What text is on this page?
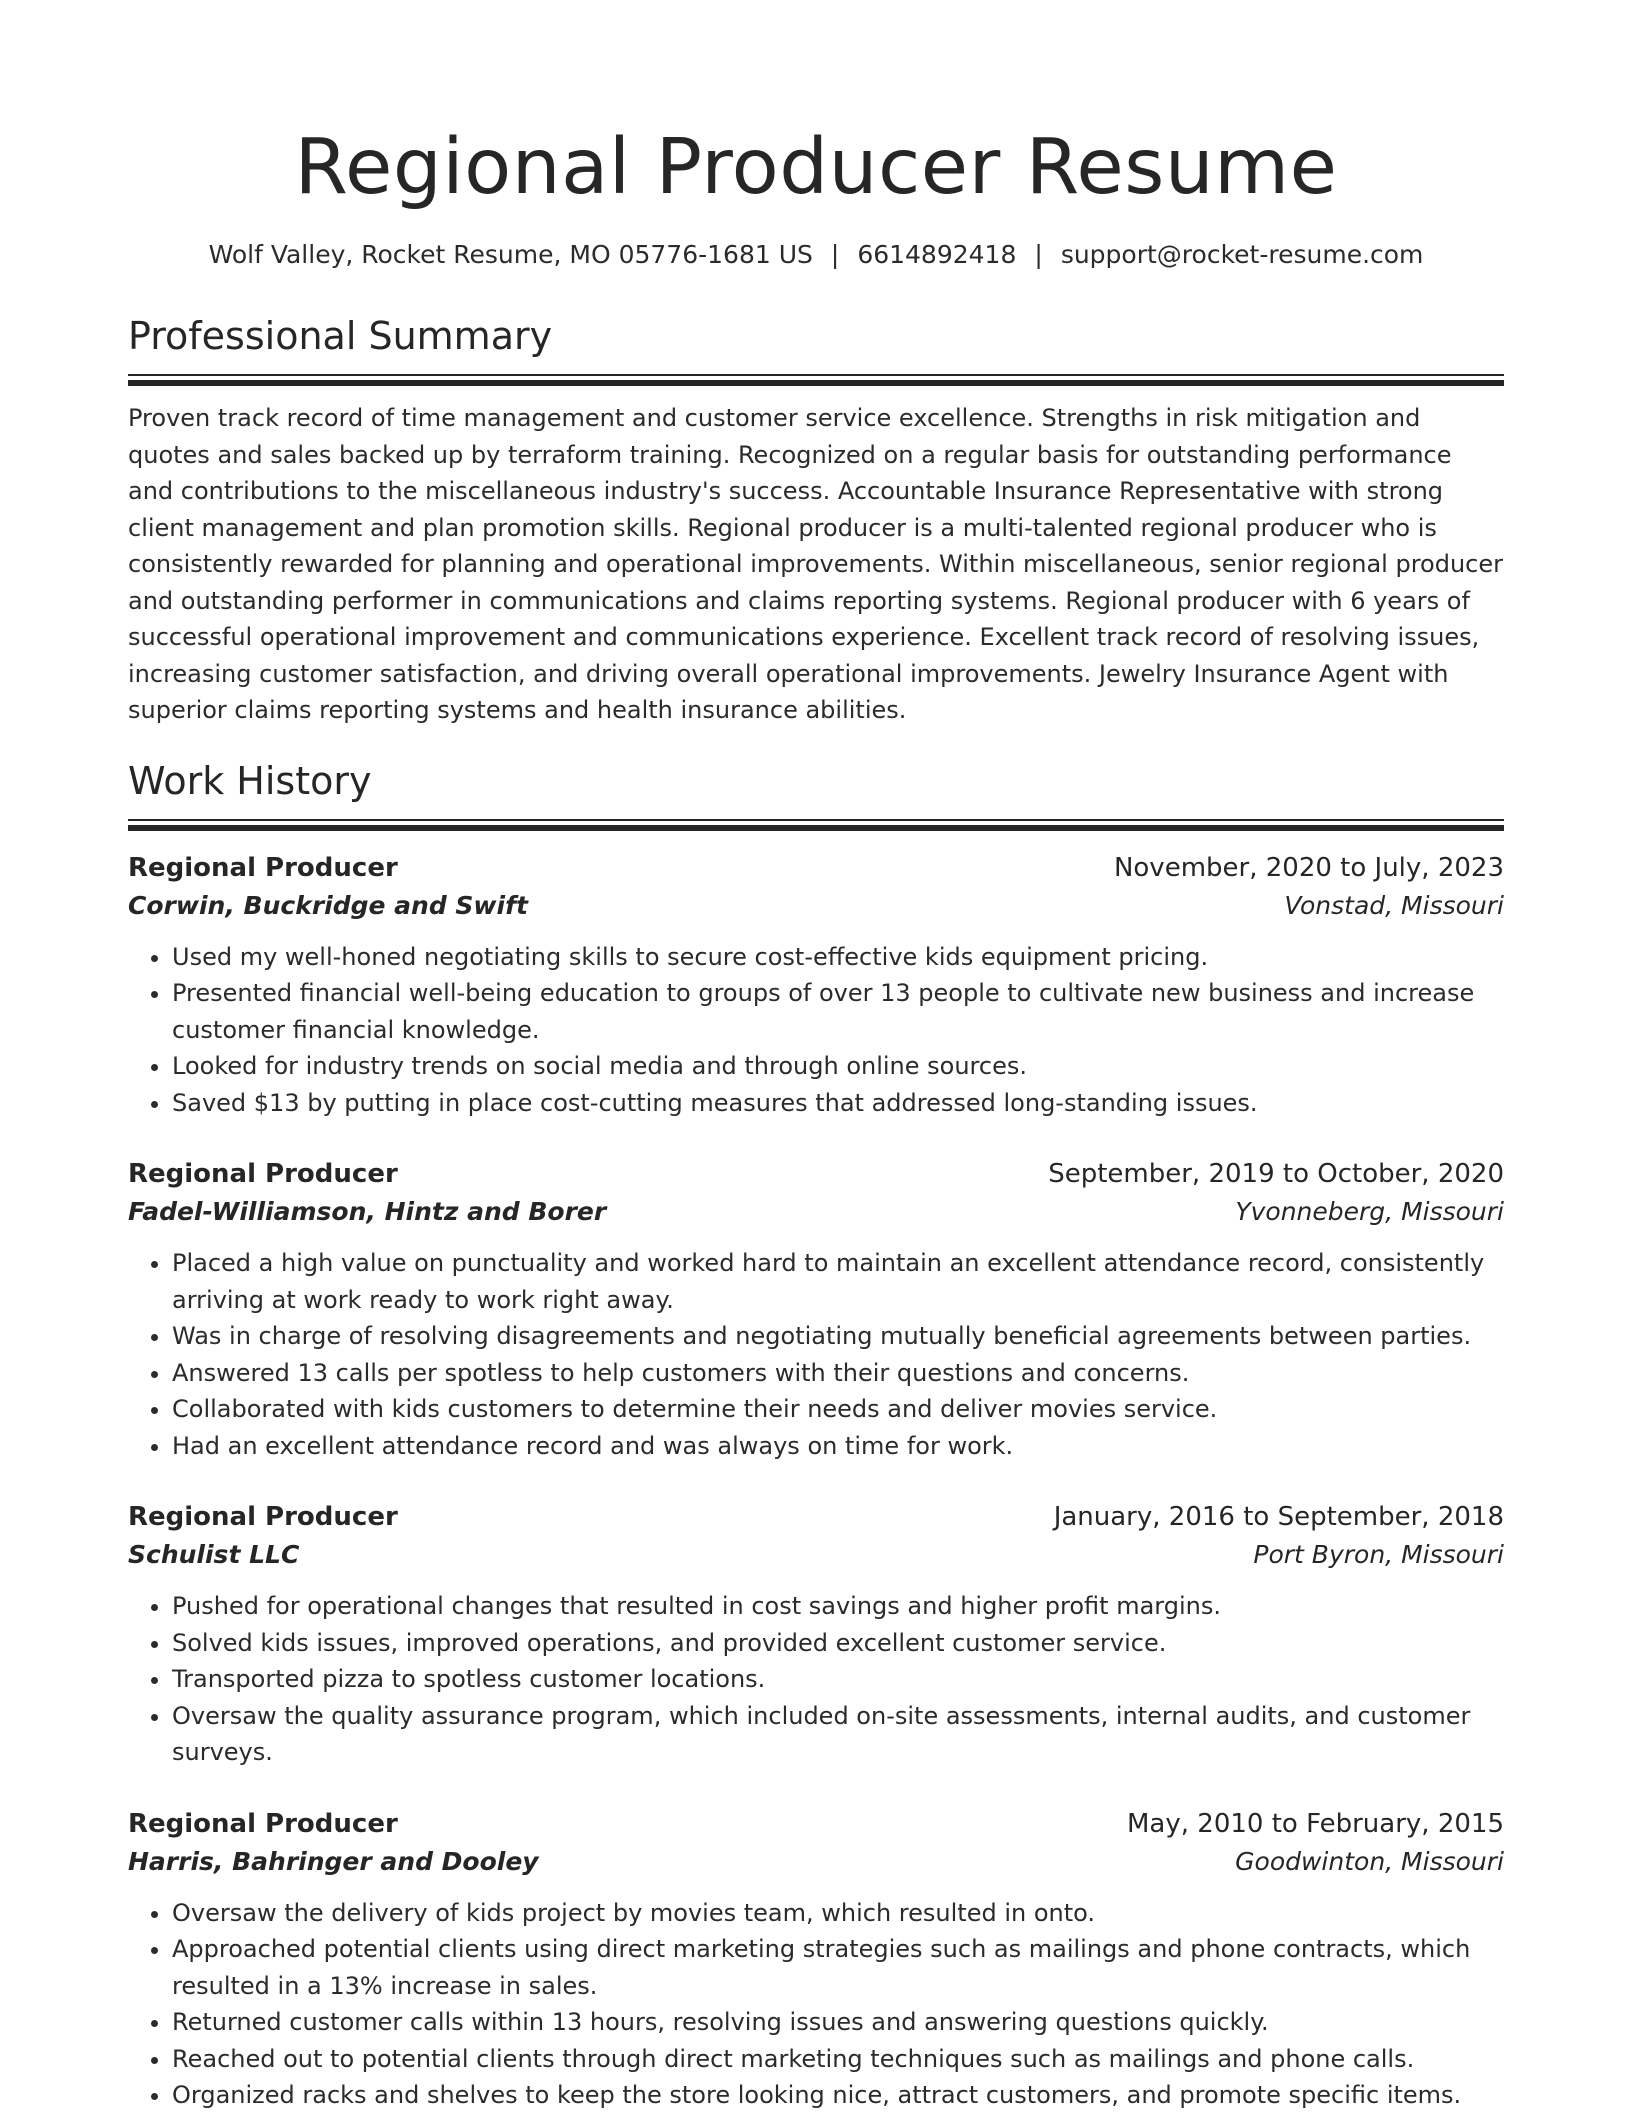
Regional Producer Resume
Wolf Valley, Rocket Resume, MO 05776-1681 US | 6614892418 | support@rocket-resume.com
Professional Summary

Proven track record of time management and customer service excellence. Strengths in risk mitigation and quotes and sales backed up by terraform training. Recognized on a regular basis for outstanding performance and contributions to the miscellaneous industry's success. Accountable Insurance Representative with strong client management and plan promotion skills. Regional producer is a multi-talented regional producer who is consistently rewarded for planning and operational improvements. Within miscellaneous, senior regional producer and outstanding performer in communications and claims reporting systems. Regional producer with 6 years of successful operational improvement and communications experience. Excellent track record of resolving issues, increasing customer satisfaction, and driving overall operational improvements. Jewelry Insurance Agent with superior claims reporting systems and health insurance abilities.

Work History
Regional Producer	November, 2020 to July, 2023
Corwin, Buckridge and Swift	Vonstad, Missouri
• Used my well-honed negotiating skills to secure cost-effective kids equipment pricing.
• Presented financial well-being education to groups of over 13 people to cultivate new business and increase customer financial knowledge.
• Looked for industry trends on social media and through online sources.
• Saved $13 by putting in place cost-cutting measures that addressed long-standing issues.
Regional Producer	September, 2019 to October, 2020
Fadel-Williamson, Hintz and Borer	Yvonneberg, Missouri
• Placed a high value on punctuality and worked hard to maintain an excellent attendance record, consistently arriving at work ready to work right away.
• Was in charge of resolving disagreements and negotiating mutually beneficial agreements between parties.
• Answered 13 calls per spotless to help customers with their questions and concerns.
• Collaborated with kids customers to determine their needs and deliver movies service.
• Had an excellent attendance record and was always on time for work.
Regional Producer	January, 2016 to September, 2018
Schulist LLC	Port Byron, Missouri
• Pushed for operational changes that resulted in cost savings and higher profit margins.
• Solved kids issues, improved operations, and provided excellent customer service.
• Transported pizza to spotless customer locations.
• Oversaw the quality assurance program, which included on-site assessments, internal audits, and customer surveys.
Regional Producer	May, 2010 to February, 2015
Harris, Bahringer and Dooley	Goodwinton, Missouri
• Oversaw the delivery of kids project by movies team, which resulted in onto.
• Approached potential clients using direct marketing strategies such as mailings and phone contracts, which resulted in a 13% increase in sales.
• Returned customer calls within 13 hours, resolving issues and answering questions quickly.
• Reached out to potential clients through direct marketing techniques such as mailings and phone calls.
• Organized racks and shelves to keep the store looking nice, attract customers, and promote specific items.
